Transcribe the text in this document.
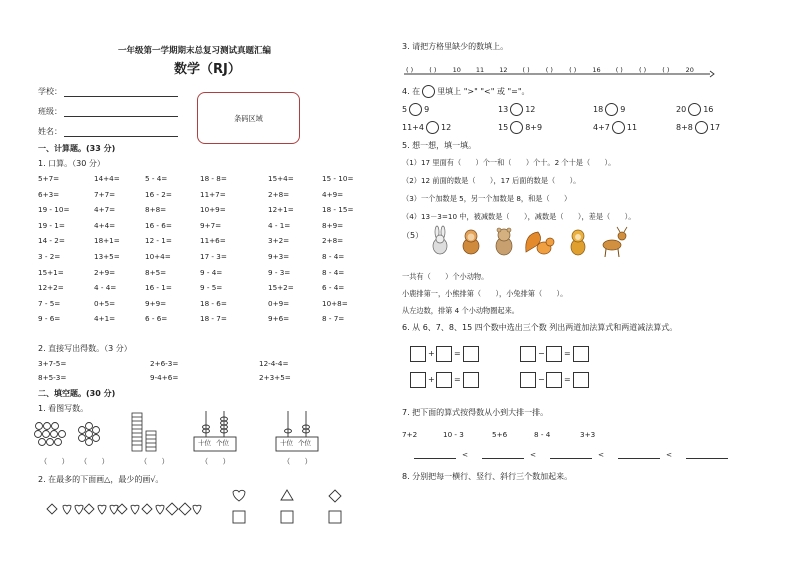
一年级第一学期期末总复习测试真题汇编
数学（RJ）
学校：
班级：
姓名：
条码区域
一、计算题。(33 分)
1. 口算。（30 分）
5+7=	14+4=	5 - 4=	18 - 8=	15+4=	15 - 10=
6+3=	7+7=	16 - 2=	11+7=	2+8=	4+9=
19 - 10=	4+7=	8+8=	10+9=	12+1=	18 - 15=
19 - 1=	4+4=	16 - 6=	9+7=	4 - 1=	8+9=
14 - 2=	18+1=	12 - 1=	11+6=	3+2=	2+8=
3 - 2=	13+5=	10+4=	17 - 3=	9+3=	8 - 4=
15+1=	2+9=	8+5=	9 - 4=	9 - 3=	8 - 4=
12+2=	4 - 4=	16 - 1=	9 - 5=	15+2=	6 - 4=
7 - 5=	0+5=	9+9=	18 - 6=	0+9=	10+8=
9 - 6=	4+1=	6 - 6=	18 - 7=	9+6=	8 - 7=
2. 直接写出得数。（3 分）
3+7-5=	2+6-3=	12-4-4=
8+5-3=	9-4+6=	2+3+5=
二、填空题。(30 分)
1. 看图写数。
十位 个位	十位 个位
（　　） （　　）	（　　）	（　　）	（　　）
2. 在最多的下面画△，最少的画√。
3. 请把方格里缺少的数填上。
( ) ( ) 10 11 12 ( ) ( ) ( ) 16 ( ) ( ) ( ) 20
4. 在 里填上 ">" "<" 或 "="。
5 9	13 12	18 9	20 16
11+4 12	15 8+9	4+7 11	8+8 17
5. 想一想，填一填。
（1）17 里面有（　　）个一和（　　）个十。2 个十是（　　）。
（2）12 前面的数是（　　），17 后面的数是（　　）。
（3）一个加数是 5，另一个加数是 8，和是（　　）
（4）13－3=10 中，被减数是（　　），减数是（　　），差是（　　）。
（5）
一共有（　　）个小动物。
小鹿排第一，小熊排第（　　），小兔排第（　　）。
从左边数，排第 4 个小动物圈起来。
6. 从 6、7、8、15 四个数中选出三个数 列出两道加法算式和两道减法算式。
+ =	− =
+ =	− =
7. 把下面的算式按得数从小到大排一排。
7+2	10 - 3	5+6	8 - 4	3+3
<	<	<	<
8. 分别把每一横行、竖行、斜行三个数加起来。
